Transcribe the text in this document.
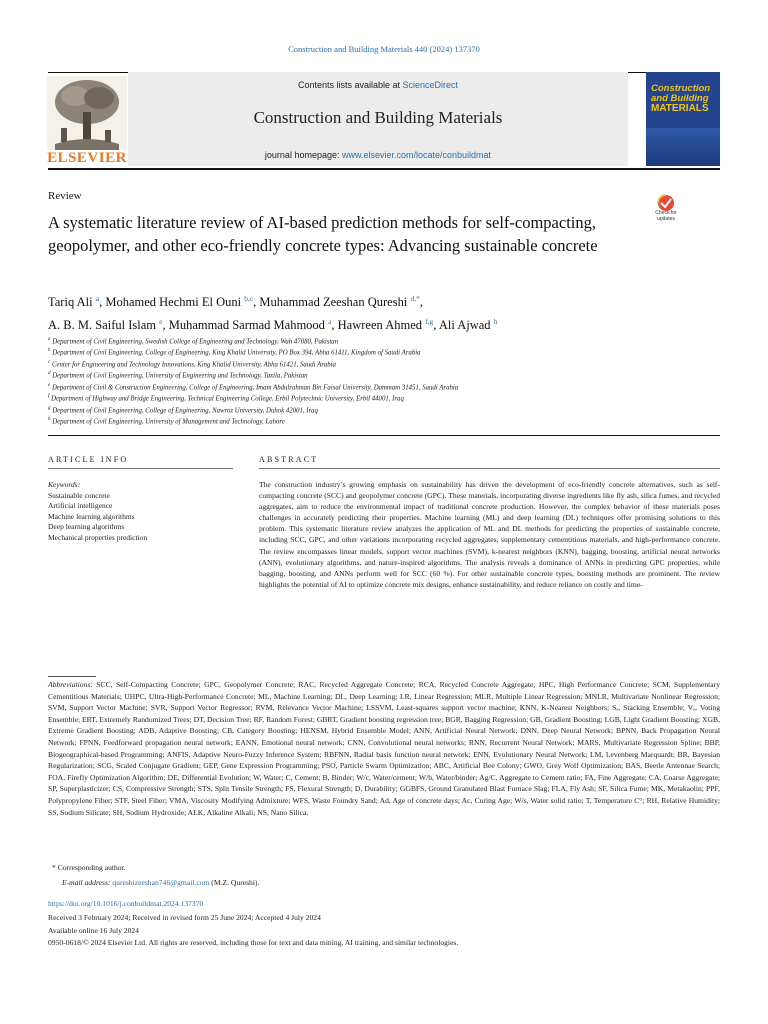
Construction and Building Materials 440 (2024) 137370
ELSEVIER
Contents lists available at ScienceDirect
Construction and Building Materials
journal homepage: www.elsevier.com/locate/conbuildmat
Construction
and Building
MATERIALS
Review
Check for updates
A systematic literature review of AI-based prediction methods for self-compacting, geopolymer, and other eco-friendly concrete types: Advancing sustainable concrete
Tariq Ali $^a$, Mohamed Hechmi El Ouni $^{b,c}$, Muhammad Zeeshan Qureshi $^{d,*}$,
A. B. M. Saiful Islam $^e$, Muhammad Sarmad Mahmood $^a$, Hawreen Ahmed $^{f,g}$, Ali Ajwad $^h$
$^a$ Department of Civil Engineering, Swedish College of Engineering and Technology, Wah 47080, Pakistan
$^b$ Department of Civil Engineering, College of Engineering, King Khalid University, PO Box 394, Abha 61411, Kingdom of Saudi Arabia
$^c$ Center for Engineering and Technology Innovations, King Khalid University, Abha 61421, Saudi Arabia
$^d$ Department of Civil Engineering, University of Engineering and Technology, Taxila, Pakistan
$^e$ Department of Civil & Construction Engineering, College of Engineering, Imam Abdulrahman Bin Faisal University, Dammam 31451, Saudi Arabia
$^f$ Department of Highway and Bridge Engineering, Technical Engineering College, Erbil Polytechnic University, Erbil 44001, Iraq
$^g$ Department of Civil Engineering, College of Engineering, Nawroz University, Duhok 42001, Iraq
$^h$ Department of Civil Engineering, University of Management and Technology, Lahore
ARTICLE INFO	ABSTRACT
Keywords:
Sustainable concrete
Artificial intelligence
Machine learning algorithms
Deep learning algorithms
Mechanical properties prediction
The construction industry’s growing emphasis on sustainability has driven the development of eco-friendly concrete alternatives, such as self-compacting concrete (SCC) and geopolymer concrete (GPC). These materials, incorporating diverse ingredients like fly ash, silica fumes, and recycled aggregates, aim to reduce the environmental impact of traditional concrete production. However, the complex behavior of these materials poses challenges in accurately predicting their properties. Machine learning (ML) and deep learning (DL) techniques offer promising solutions to this problem. This systematic literature review analyzes the application of ML and DL methods for predicting the properties of sustainable concrete, including SCC, GPC, and other variations incorporating recycled aggregates, supplementary cementitious materials, and high-performance concrete. The review encompasses linear models, support vector machines (SVM), k-nearest neighbors (KNN), bagging, boosting, artificial neural networks (ANN), evolutionary algorithms, and nature-inspired algorithms. The analysis reveals a dominance of ANNs in predicting GPC properties, while bagging, boosting, and ANNs perform well for SCC (60 %). For other sustainable concrete types, boosting methods are prominent. The review highlights the potential of AI to optimize concrete mix designs, enhance sustainability, and reduce reliance on costly and time-
Abbreviations: SCC, Self-Compacting Concrete; GPC, Geopolymer Concrete; RAC, Recycled Aggregate Concrete; RCA, Recycled Concrete Aggregate; HPC, High Performance Concrete; SCM, Supplementary Cementitious Materials; UHPC, Ultra-High-Performance Concrete; ML, Machine Learning; DL, Deep Learning; LR, Linear Regression; MLR, Multiple Linear Regression; MNLR, Multivariate Nonlinear Regression; SVM, Support Vector Machine; SVR, Support Vector Regressor; RVM, Relevance Vector Machine; LSSVM, Least-squares support vector machine; KNN, K-Nearest Neighbors; Sₑ, Stacking Ensemble; Vₑ, Voting Ensemble; ERT, Extremely Randomized Trees; DT, Decision Tree; RF, Random Forest; GBRT, Gradient boosting regression tree; BGR, Bagging Regression; GB, Gradient Boosting; LGB, Light Gradient Boosting; XGB, Extreme Gradient Boosting; ADB, Adaptive Boosting; CB, Category Boosting; HENSM, Hybrid Ensemble Model; ANN, Artificial Neural Network; DNN, Deep Neural Network; BPNN, Back Propagation Neural Network; FPNN, Feedforward propagation neural network; EANN, Emotional neural network; CNN, Convolutional neural networks; RNN, Recurrent Neural Network; MARS, Multivariate Regression Spline; BBP, Biogeographical-based Programming; ANFIS, Adaptive Neuro-Fuzzy Inference System; RBFNN, Radial basis function neural network; ENN, Evolutionary Neural Network; LM, Levenberg Marquardt; BR, Bayesian Regularization; SCG, Scaled Conjugate Gradient; GEP, Gene Expression Programming; PSO, Particle Swarm Optimization; ABC, Artificial Bee Colony; GWO, Grey Wolf Optimization; BAS, Beetle Antennae Search; FOA, Firefly Optimization Algorithm; DE, Differential Evolution; W, Water; C, Cement; B, Binder; W/c, Water/cement; W/b, Water/binder; Ag/C, Aggregate to Cement ratio; FA, Fine Aggregate; CA, Coarse Aggregate; SP, Superplasticizer; CS, Compressive Strength; STS, Split Tensile Strength; FS, Flexural Strength; D, Durability; GGBFS, Ground Granulated Blast Furnace Slag; FLA, Fly Ash; SF, Silica Fume; MK, Metakaolin; PPF, Polypropylene Fiber; STF, Steel Fiber; VMA, Viscosity Modifying Admixture; WFS, Waste Foundry Sand; Ad, Age of concrete days; Ac, Curing Age; W/s, Water solid ratio; T, Temperature C°; RH, Relative Humidity; SS, Sodium Silicate; SH, Sodium Hydroxide; ALK, Alkaline Alkali; NS, Nano Silica.
* Corresponding author.
E-mail address: qureshizeeshan746@gmail.com (M.Z. Qureshi).
https://doi.org/10.1016/j.conbuildmat.2024.137370
Received 3 February 2024; Received in revised form 25 June 2024; Accepted 4 July 2024
Available online 16 July 2024
0950-0618/© 2024 Elsevier Ltd. All rights are reserved, including those for text and data mining, AI training, and similar technologies.
